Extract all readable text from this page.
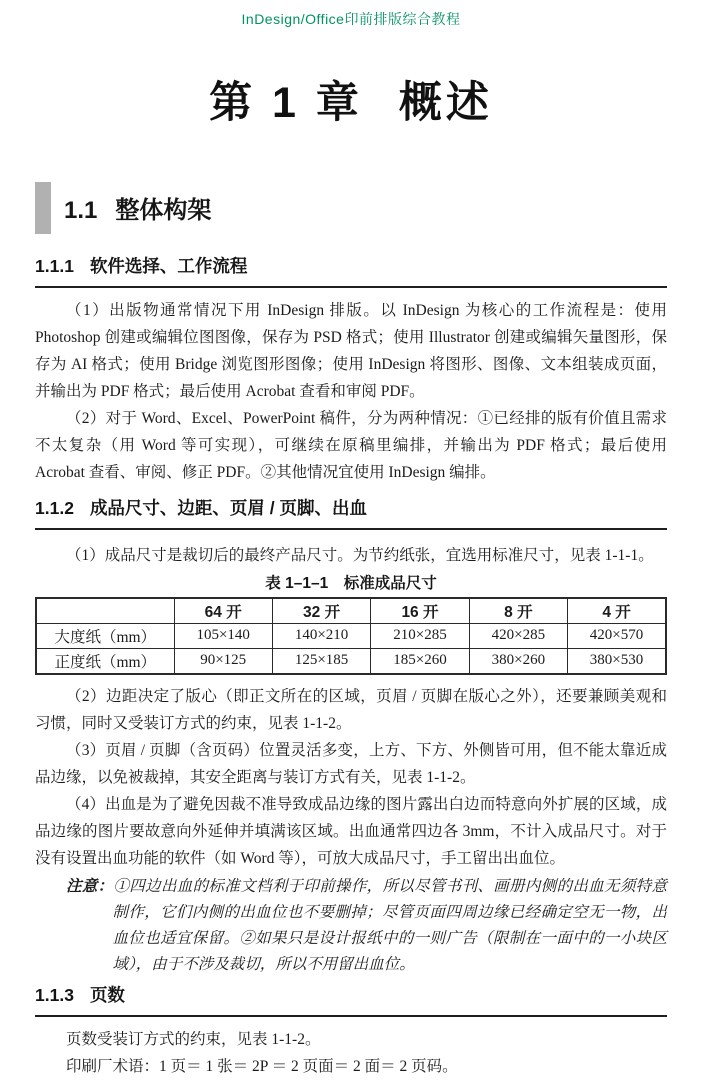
InDesign/Office印前排版综合教程
第 1 章 概述
1.1 整体构架
1.1.1 软件选择、工作流程

（1）出版物通常情况下用 InDesign 排版。以 InDesign 为核心的工作流程是：使用 Photoshop 创建或编辑位图图像，保存为 PSD 格式；使用 Illustrator 创建或编辑矢量图形，保存为 AI 格式；使用 Bridge 浏览图形图像；使用 InDesign 将图形、图像、文本组装成页面，并输出为 PDF 格式；最后使用 Acrobat 查看和审阅 PDF。

（2）对于 Word、Excel、PowerPoint 稿件，分为两种情况：①已经排的版有价值且需求不太复杂（用 Word 等可实现），可继续在原稿里编排，并输出为 PDF 格式；最后使用 Acrobat 查看、审阅、修正 PDF。②其他情况宜使用 InDesign 编排。

1.1.2 成品尺寸、边距、页眉 / 页脚、出血

（1）成品尺寸是裁切后的最终产品尺寸。为节约纸张，宜选用标准尺寸，见表 1-1-1。

表 1–1–1　标准成品尺寸
	64 开	32 开	16 开	8 开	4 开
大度纸（mm）	105×140	140×210	210×285	420×285	420×570
正度纸（mm）	90×125	125×185	185×260	380×260	380×530

（2）边距决定了版心（即正文所在的区域，页眉 / 页脚在版心之外），还要兼顾美观和习惯，同时又受装订方式的约束，见表 1-1-2。

（3）页眉 / 页脚（含页码）位置灵活多变，上方、下方、外侧皆可用，但不能太靠近成品边缘，以免被裁掉，其安全距离与装订方式有关，见表 1-1-2。

（4）出血是为了避免因裁不准导致成品边缘的图片露出白边而特意向外扩展的区域，成品边缘的图片要故意向外延伸并填满该区域。出血通常四边各 3mm，不计入成品尺寸。对于没有设置出血功能的软件（如 Word 等），可放大成品尺寸，手工留出出血位。

注意：①四边出血的标准文档利于印前操作，所以尽管书刊、画册内侧的出血无须特意制作，它们内侧的出血位也不要删掉；尽管页面四周边缘已经确定空无一物，出血位也适宜保留。②如果只是设计报纸中的一则广告（限制在一面中的一小块区域），由于不涉及裁切，所以不用留出血位。
1.1.3 页数

页数受装订方式的约束，见表 1-1-2。

印刷厂术语：1 页＝ 1 张＝ 2P ＝ 2 页面＝ 2 面＝ 2 页码。
